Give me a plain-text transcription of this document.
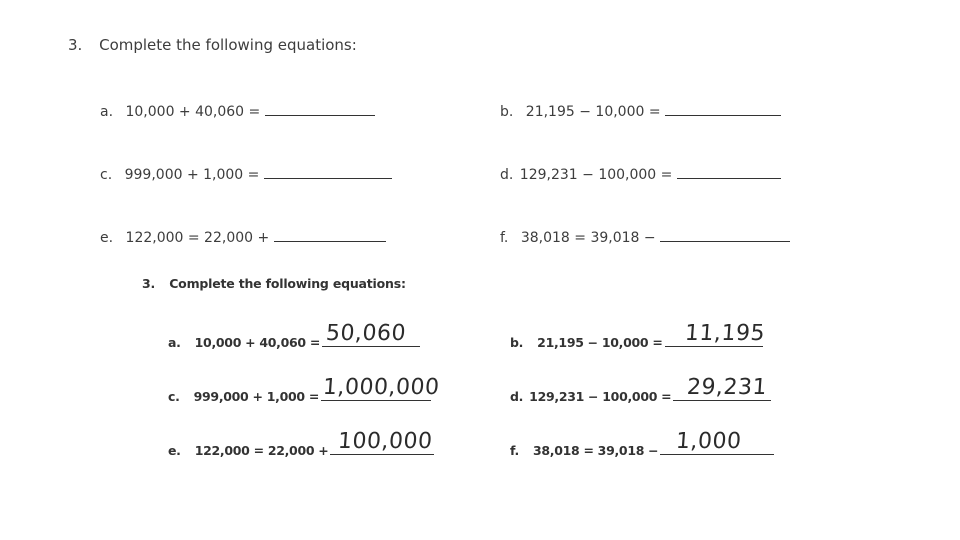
3. Complete the following equations:
a. 10,000 + 40,060 =	b. 21,195 − 10,000 =
c. 999,000 + 1,000 =	d. 129,231 − 100,000 =
e. 122,000 = 22,000 +	f. 38,018 = 39,018 −
3. Complete the following equations:
a. 10,000 + 40,060 = 50,060	b. 21,195 − 10,000 = 11,195
c. 999,000 + 1,000 = 1,000,000	d. 129,231 − 100,000 = 29,231
e. 122,000 = 22,000 + 100,000	f. 38,018 = 39,018 − 1,000
